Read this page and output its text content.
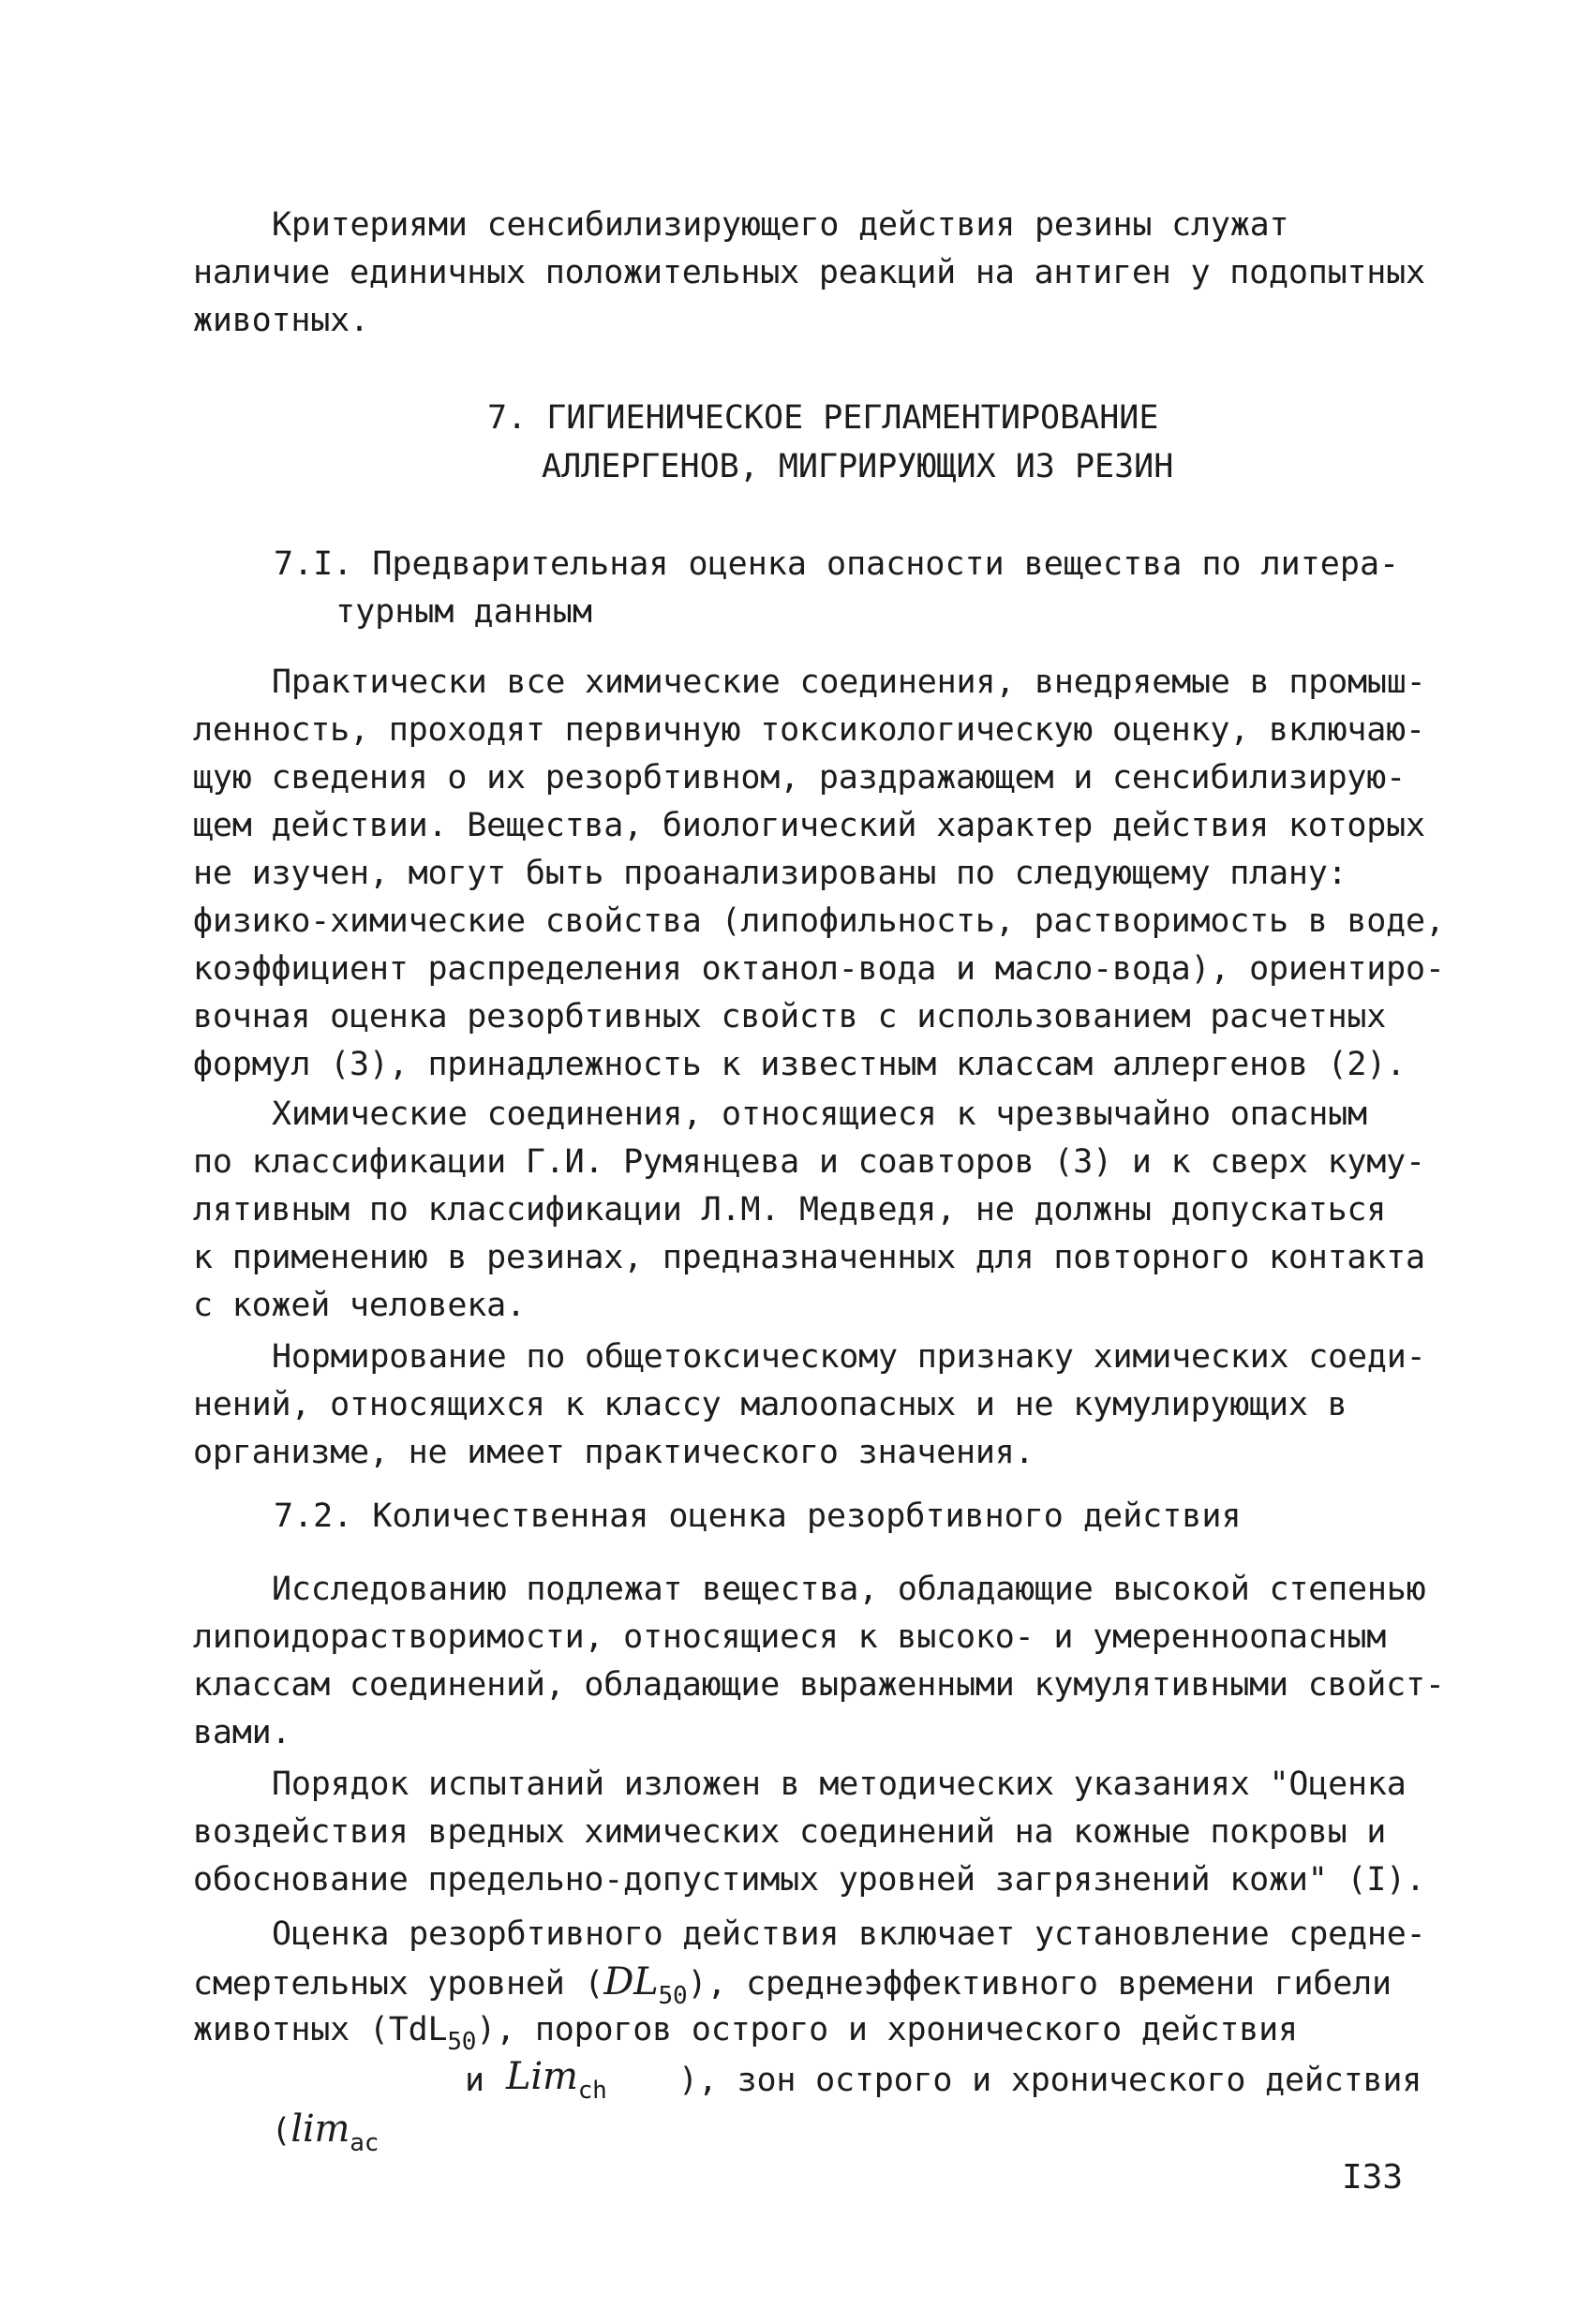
Критериями сенсибилизирующего действия резины служат
наличие единичных положительных реакций на антиген у подопытных
животных.
7. ГИГИЕНИЧЕСКОЕ РЕГЛАМЕНТИРОВАНИЕ
АЛЛЕРГЕНОВ, МИГРИРУЮЩИХ ИЗ РЕЗИН
7.I. Предварительная оценка опасности вещества по литера-
турным данным
Практически все химические соединения, внедряемые в промыш-
ленность, проходят первичную токсикологическую оценку, включаю-
щую сведения о их резорбтивном, раздражающем и сенсибилизирую-
щем действии. Вещества, биологический характер действия которых
не изучен, могут быть проанализированы по следующему плану:
физико-химические свойства (липофильность, растворимость в воде,
коэффициент распределения октанол-вода и масло-вода), ориентиро-
вочная оценка резорбтивных свойств с использованием расчетных
формул (3), принадлежность к известным классам аллергенов (2).
Химические соединения, относящиеся к чрезвычайно опасным
по классификации Г.И. Румянцева и соавторов (3) и к сверх куму-
лятивным по классификации Л.М. Медведя, не должны допускаться
к применению в резинах, предназначенных для повторного контакта
с кожей человека.
Нормирование по общетоксическому признаку химических соеди-
нений, относящихся к классу малоопасных и не кумулирующих в
организме, не имеет практического значения.
7.2. Количественная оценка резорбтивного действия
Исследованию подлежат вещества, обладающие высокой степенью
липоидорастворимости, относящиеся к высоко- и умеренноопасным
классам соединений, обладающие выраженными кумулятивными свойст-
вами.
Порядок испытаний изложен в методических указаниях "Оценка
воздействия вредных химических соединений на кожные покровы и
обоснование предельно-допустимых уровней загрязнений кожи" (I).
Оценка резорбтивного действия включает установление средне-
смертельных уровней $(DL_{50})$, среднеэффективного времени гибели
животных (TdL$_{50}$), порогов острого и хронического действия

($\lim_{ac}$

и Lim$_{ch}$ ), зон острого и хронического действия
I33
